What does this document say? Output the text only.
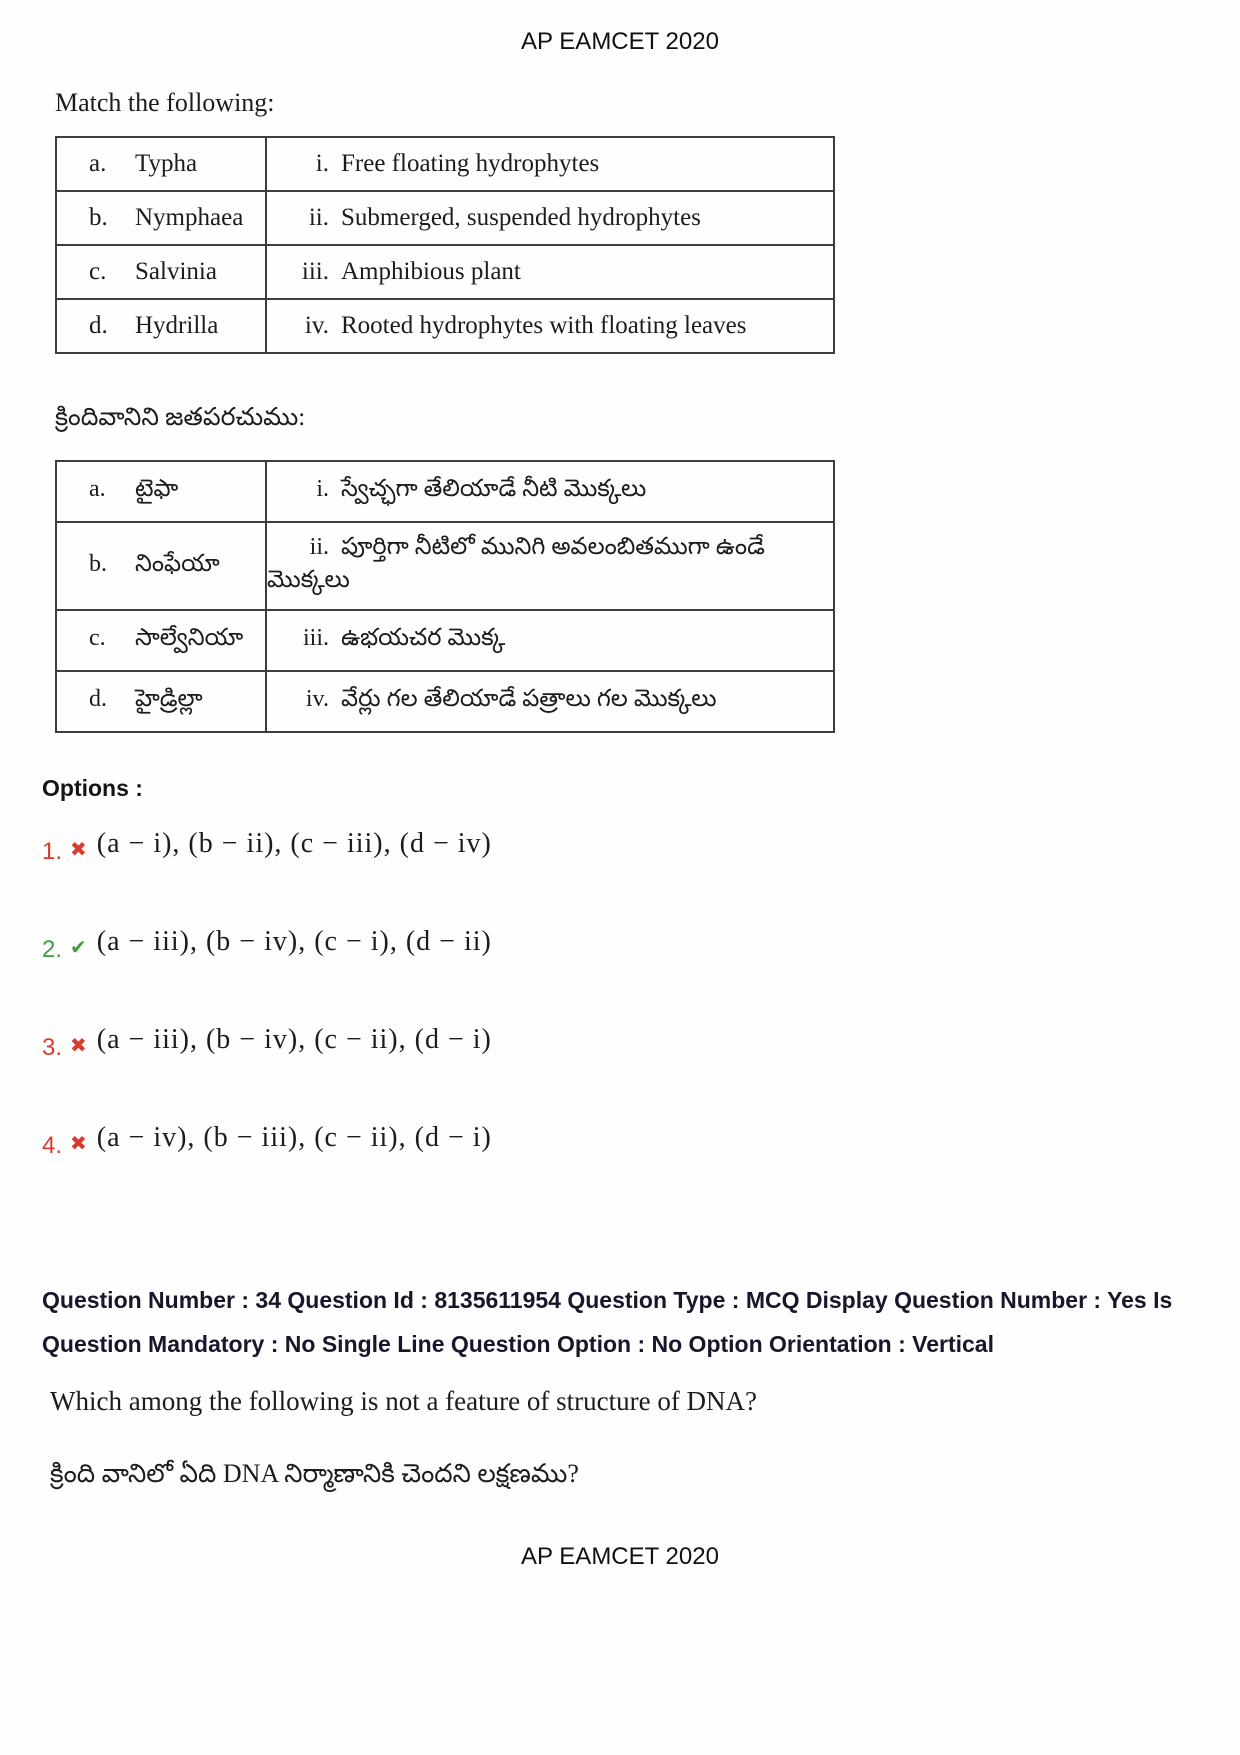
AP EAMCET 2020
Match the following:
a. Typha	i. Free floating hydrophytes
b. Nymphaea	ii. Submerged, suspended hydrophytes
c. Salvinia	iii. Amphibious plant
d. Hydrilla	iv. Rooted hydrophytes with floating leaves
క్రిందివానిని జతపరచుము:
a. టైఫా	i. స్వేచ్ఛగా తేలియాడే నీటి మొక్కలు
b. నింఫేయా	ii. పూర్తిగా నీటిలో మునిగి అవలంబితముగా ఉండే మొక్కలు
c. సాల్వేనియా	iii. ఉభయచర మొక్క
d. హైడ్రిల్లా	iv. వేర్లు గల తేలియాడే పత్రాలు గల మొక్కలు
Options :
1. ✖ (a − i), (b − ii), (c − iii), (d − iv)
2. ✔ (a − iii), (b − iv), (c − i), (d − ii)
3. ✖ (a − iii), (b − iv), (c − ii), (d − i)
4. ✖ (a − iv), (b − iii), (c − ii), (d − i)
Question Number : 34 Question Id : 8135611954 Question Type : MCQ Display Question Number : Yes Is Question Mandatory : No Single Line Question Option : No Option Orientation : Vertical
Which among the following is not a feature of structure of DNA?
క్రింది వానిలో ఏది DNA నిర్మాణానికి చెందని లక్షణము?
AP EAMCET 2020
